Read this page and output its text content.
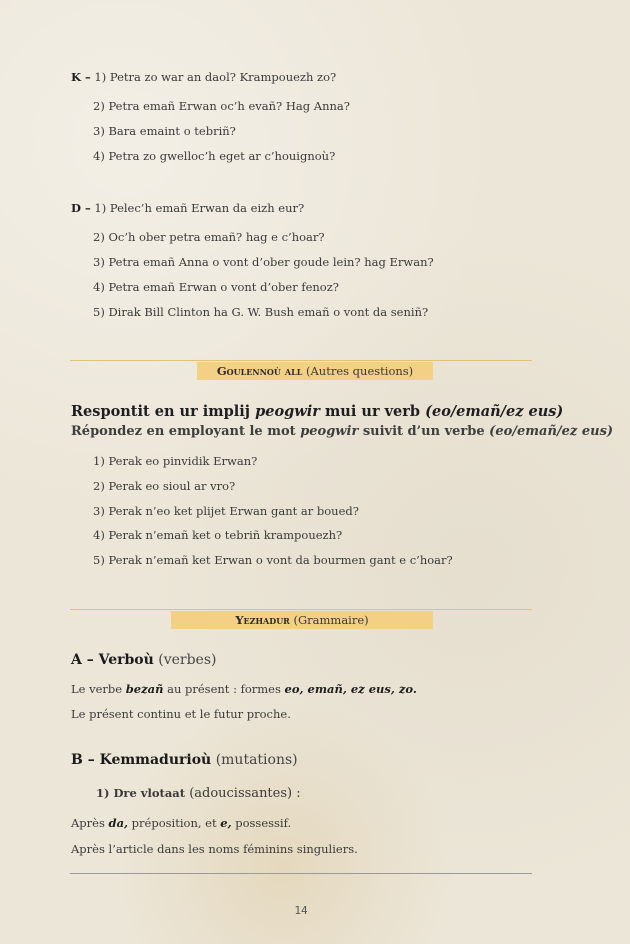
K – 1) Petra zo war an daol? Krampouezh zo?
2) Petra emañ Erwan oc’h evañ? Hag Anna?
3) Bara emaint o tebriñ?
4) Petra zo gwelloc’h eget ar c’houignoù?
D – 1) Pelec’h emañ Erwan da eizh eur?
2) Oc’h ober petra emañ? hag e c’hoar?
3) Petra emañ Anna o vont d’ober goude lein? hag Erwan?
4) Petra emañ Erwan o vont d’ober fenoz?
5) Dirak Bill Clinton ha G. W. Bush emañ o vont da seniñ?
Goulennoù all (Autres questions)
Respontit en ur implij peogwir mui ur verb (eo/emañ/ez eus)
Répondez en employant le mot peogwir suivit d’un verbe (eo/emañ/ez eus)
1) Perak eo pinvidik Erwan?
2) Perak eo sioul ar vro?
3) Perak n’eo ket plijet Erwan gant ar boued?
4) Perak n’emañ ket o tebriñ krampouezh?
5) Perak n’emañ ket Erwan o vont da bourmen gant e c’hoar?
Yezhadur (Grammaire)
A – Verboù (verbes)
Le verbe bezañ au présent : formes eo, emañ, ez eus, zo.
Le présent continu et le futur proche.
B – Kemmadurioù (mutations)
1) Dre vlotaat (adoucissantes) :
Après da, préposition, et e, possessif.
Après l’article dans les noms féminins singuliers.
14
